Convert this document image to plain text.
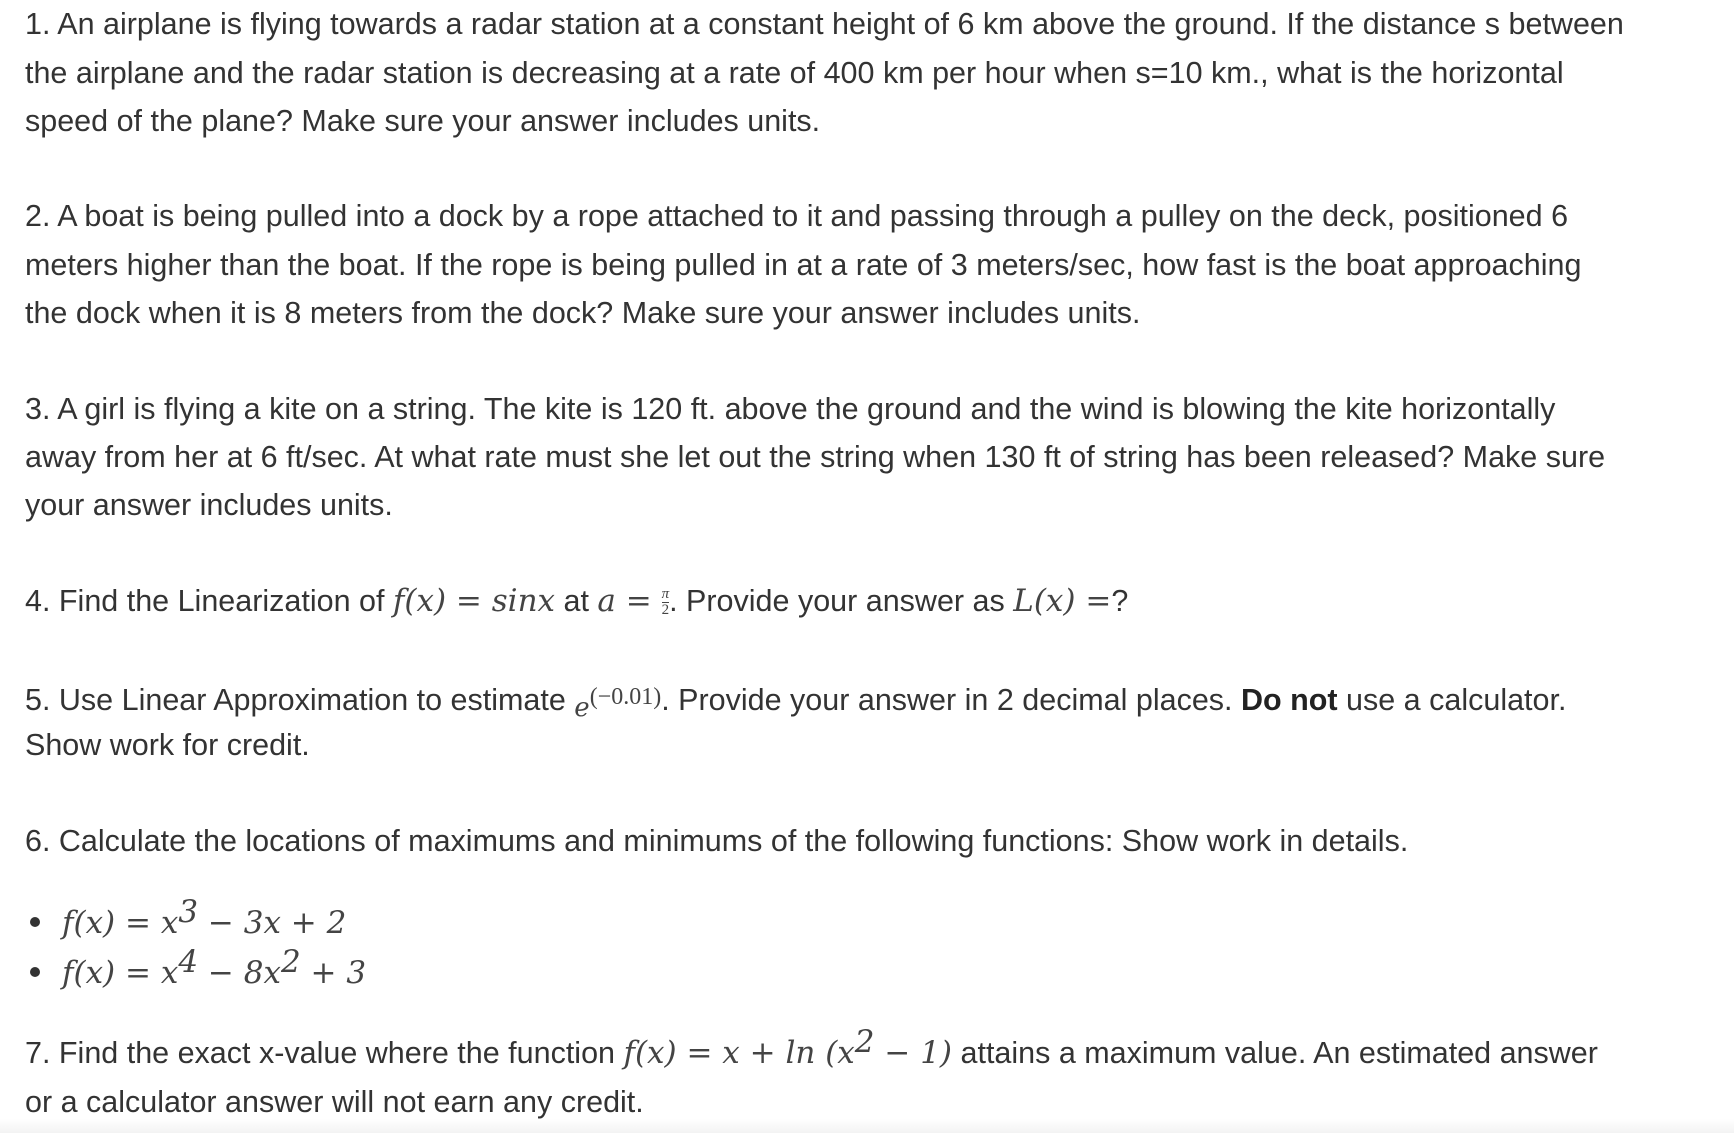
1. An airplane is flying towards a radar station at a constant height of 6 km above the ground. If the distance s between
the airplane and the radar station is decreasing at a rate of 400 km per hour when s=10 km., what is the horizontal
speed of the plane? Make sure your answer includes units.
2. A boat is being pulled into a dock by a rope attached to it and passing through a pulley on the deck, positioned 6
meters higher than the boat. If the rope is being pulled in at a rate of 3 meters/sec, how fast is the boat approaching
the dock when it is 8 meters from the dock? Make sure your answer includes units.
3. A girl is flying a kite on a string. The kite is 120 ft. above the ground and the wind is blowing the kite horizontally
away from her at 6 ft/sec. At what rate must she let out the string when 130 ft of string has been released? Make sure
your answer includes units.
4. Find the Linearization of f(x) = sinx at $a = \frac{\pi}{2}$ . Provide your answer as L(x) =?
5. Use Linear Approximation to estimate e(−0.01). Provide your answer in 2 decimal places. Do not use a calculator.
Show work for credit.
6. Calculate the locations of maximums and minimums of the following functions: Show work in details.
$f(x) = x^3 - 3x + 2$
$f(x) = x^4 - 8x^2 + 3$
7. Find the exact x-value where the function $f(x) = x + \ln (x^2 - 1)$ attains a maximum value. An estimated answer
or a calculator answer will not earn any credit.
